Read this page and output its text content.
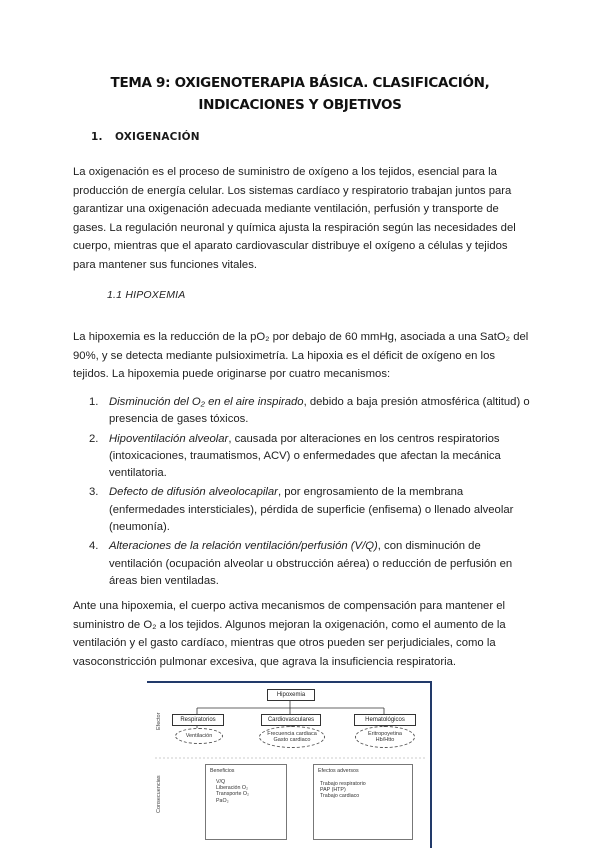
TEMA 9: OXIGENOTERAPIA BÁSICA. CLASIFICACIÓN, INDICACIONES Y OBJETIVOS
1. OXIGENACIÓN
La oxigenación es el proceso de suministro de oxígeno a los tejidos, esencial para la producción de energía celular. Los sistemas cardíaco y respiratorio trabajan juntos para garantizar una oxigenación adecuada mediante ventilación, perfusión y transporte de gases. La regulación neuronal y química ajusta la respiración según las necesidades del cuerpo, mientras que el aparato cardiovascular distribuye el oxígeno a células y tejidos para mantener sus funciones vitales.
1.1 HIPOXEMIA
La hipoxemia es la reducción de la pO₂ por debajo de 60 mmHg, asociada a una SatO₂ del 90%, y se detecta mediante pulsioximetría. La hipoxia es el déficit de oxígeno en los tejidos. La hipoxemia puede originarse por cuatro mecanismos:
1. Disminución del O₂ en el aire inspirado, debido a baja presión atmosférica (altitud) o presencia de gases tóxicos.
2. Hipoventilación alveolar, causada por alteraciones en los centros respiratorios (intoxicaciones, traumatismos, ACV) o enfermedades que afectan la mecánica ventilatoria.
3. Defecto de difusión alveolocapilar, por engrosamiento de la membrana (enfermedades intersticiales), pérdida de superficie (enfisema) o llenado alveolar (neumonía).
4. Alteraciones de la relación ventilación/perfusión (V/Q), con disminución de ventilación (ocupación alveolar u obstrucción aérea) o reducción de perfusión en áreas bien ventiladas.
Ante una hipoxemia, el cuerpo activa mecanismos de compensación para mantener el suministro de O₂ a los tejidos. Algunos mejoran la oxigenación, como el aumento de la ventilación y el gasto cardíaco, mientras que otros pueden ser perjudiciales, como la vasoconstricción pulmonar excesiva, que agrava la insuficiencia respiratoria.
Hipoxemia
Efector
Consecuencias
Respiratorios	Cardiovasculares	Hematológicos
Ventilación	Frecuencia cardiaca
Gasto cardiaco
Eritropoyetina
Hb/Htto
Beneficios
V/Q
Liberación O₂
Transporte O₂
PaO₂
Efectos adversos
Trabajo respiratorio
PAP (HTP)
Trabajo cardiaco
